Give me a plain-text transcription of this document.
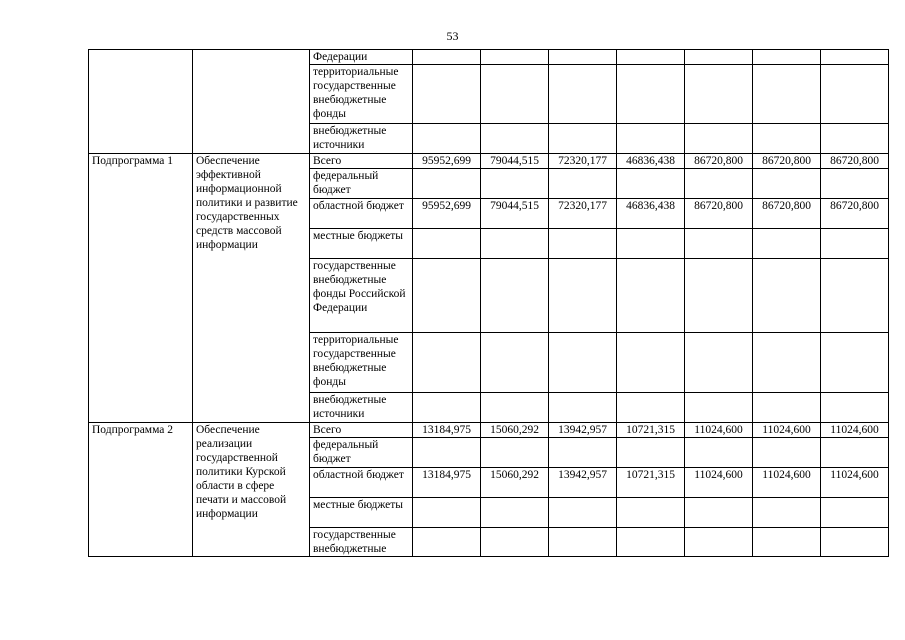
53
		Федерации							
		территориальные государственные внебюджетные фонды							
		внебюджетные источники							
Подпрограмма 1	Обеспечение эффективной информационной политики и развитие государственных средств массовой информации	Всего	95952,699	79044,515	72320,177	46836,438	86720,800	86720,800	86720,800
		федеральный бюджет							
		областной бюджет	95952,699	79044,515	72320,177	46836,438	86720,800	86720,800	86720,800
		местные бюджеты							
		государственные внебюджетные фонды Российской Федерации							
		территориальные государственные внебюджетные фонды							
		внебюджетные источники							
Подпрограмма 2	Обеспечение реализации государственной политики Курской области в сфере печати и массовой информации	Всего	13184,975	15060,292	13942,957	10721,315	11024,600	11024,600	11024,600
		федеральный бюджет							
		областной бюджет	13184,975	15060,292	13942,957	10721,315	11024,600	11024,600	11024,600
		местные бюджеты							
		государственные внебюджетные							
